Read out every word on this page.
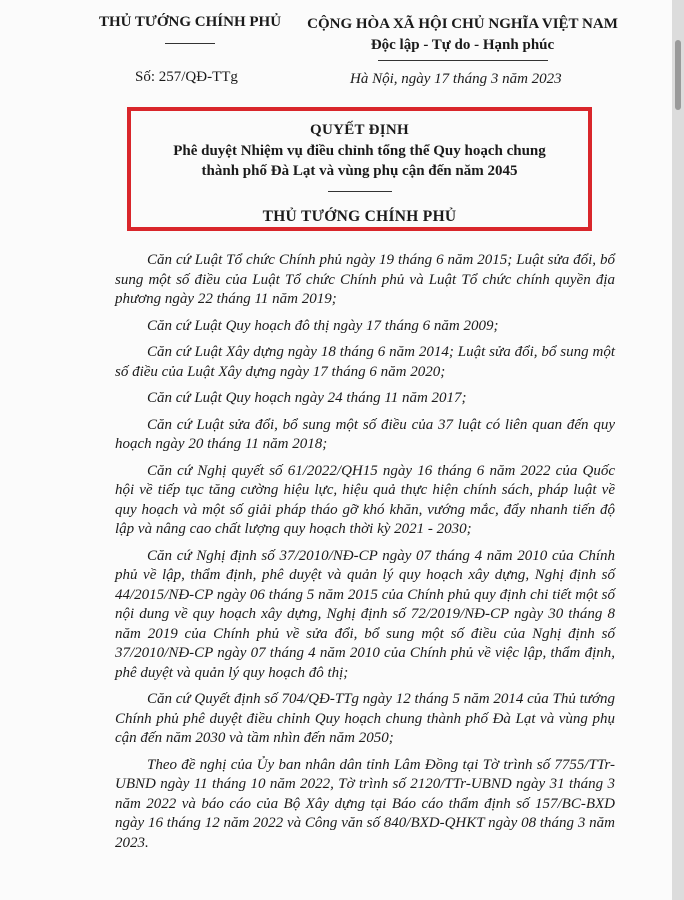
THỦ TƯỚNG CHÍNH PHỦ	CỘNG HÒA XÃ HỘI CHỦ NGHĨA VIỆT NAM
Độc lập - Tự do - Hạnh phúc
Số: 257/QĐ-TTg	Hà Nội, ngày 17 tháng 3 năm 2023
QUYẾT ĐỊNH
Phê duyệt Nhiệm vụ điều chỉnh tổng thể Quy hoạch chung
thành phố Đà Lạt và vùng phụ cận đến năm 2045
THỦ TƯỚNG CHÍNH PHỦ

Căn cứ Luật Tổ chức Chính phủ ngày 19 tháng 6 năm 2015; Luật sửa đổi, bổ sung một số điều của Luật Tổ chức Chính phủ và Luật Tổ chức chính quyền địa phương ngày 22 tháng 11 năm 2019;

Căn cứ Luật Quy hoạch đô thị ngày 17 tháng 6 năm 2009;

Căn cứ Luật Xây dựng ngày 18 tháng 6 năm 2014; Luật sửa đổi, bổ sung một số điều của Luật Xây dựng ngày 17 tháng 6 năm 2020;

Căn cứ Luật Quy hoạch ngày 24 tháng 11 năm 2017;

Căn cứ Luật sửa đổi, bổ sung một số điều của 37 luật có liên quan đến quy hoạch ngày 20 tháng 11 năm 2018;

Căn cứ Nghị quyết số 61/2022/QH15 ngày 16 tháng 6 năm 2022 của Quốc hội về tiếp tục tăng cường hiệu lực, hiệu quả thực hiện chính sách, pháp luật về quy hoạch và một số giải pháp tháo gỡ khó khăn, vướng mắc, đẩy nhanh tiến độ lập và nâng cao chất lượng quy hoạch thời kỳ 2021 - 2030;

Căn cứ Nghị định số 37/2010/NĐ-CP ngày 07 tháng 4 năm 2010 của Chính phủ về lập, thẩm định, phê duyệt và quản lý quy hoạch xây dựng, Nghị định số 44/2015/NĐ-CP ngày 06 tháng 5 năm 2015 của Chính phủ quy định chi tiết một số nội dung về quy hoạch xây dựng, Nghị định số 72/2019/NĐ-CP ngày 30 tháng 8 năm 2019 của Chính phủ về sửa đổi, bổ sung một số điều của Nghị định số 37/2010/NĐ-CP ngày 07 tháng 4 năm 2010 của Chính phủ về việc lập, thẩm định, phê duyệt và quản lý quy hoạch đô thị;

Căn cứ Quyết định số 704/QĐ-TTg ngày 12 tháng 5 năm 2014 của Thủ tướng Chính phủ phê duyệt điều chỉnh Quy hoạch chung thành phố Đà Lạt và vùng phụ cận đến năm 2030 và tầm nhìn đến năm 2050;

Theo đề nghị của Ủy ban nhân dân tỉnh Lâm Đồng tại Tờ trình số 7755/TTr-UBND ngày 11 tháng 10 năm 2022, Tờ trình số 2120/TTr-UBND ngày 31 tháng 3 năm 2022 và báo cáo của Bộ Xây dựng tại Báo cáo thẩm định số 157/BC-BXD ngày 16 tháng 12 năm 2022 và Công văn số 840/BXD-QHKT ngày 08 tháng 3 năm 2023.
